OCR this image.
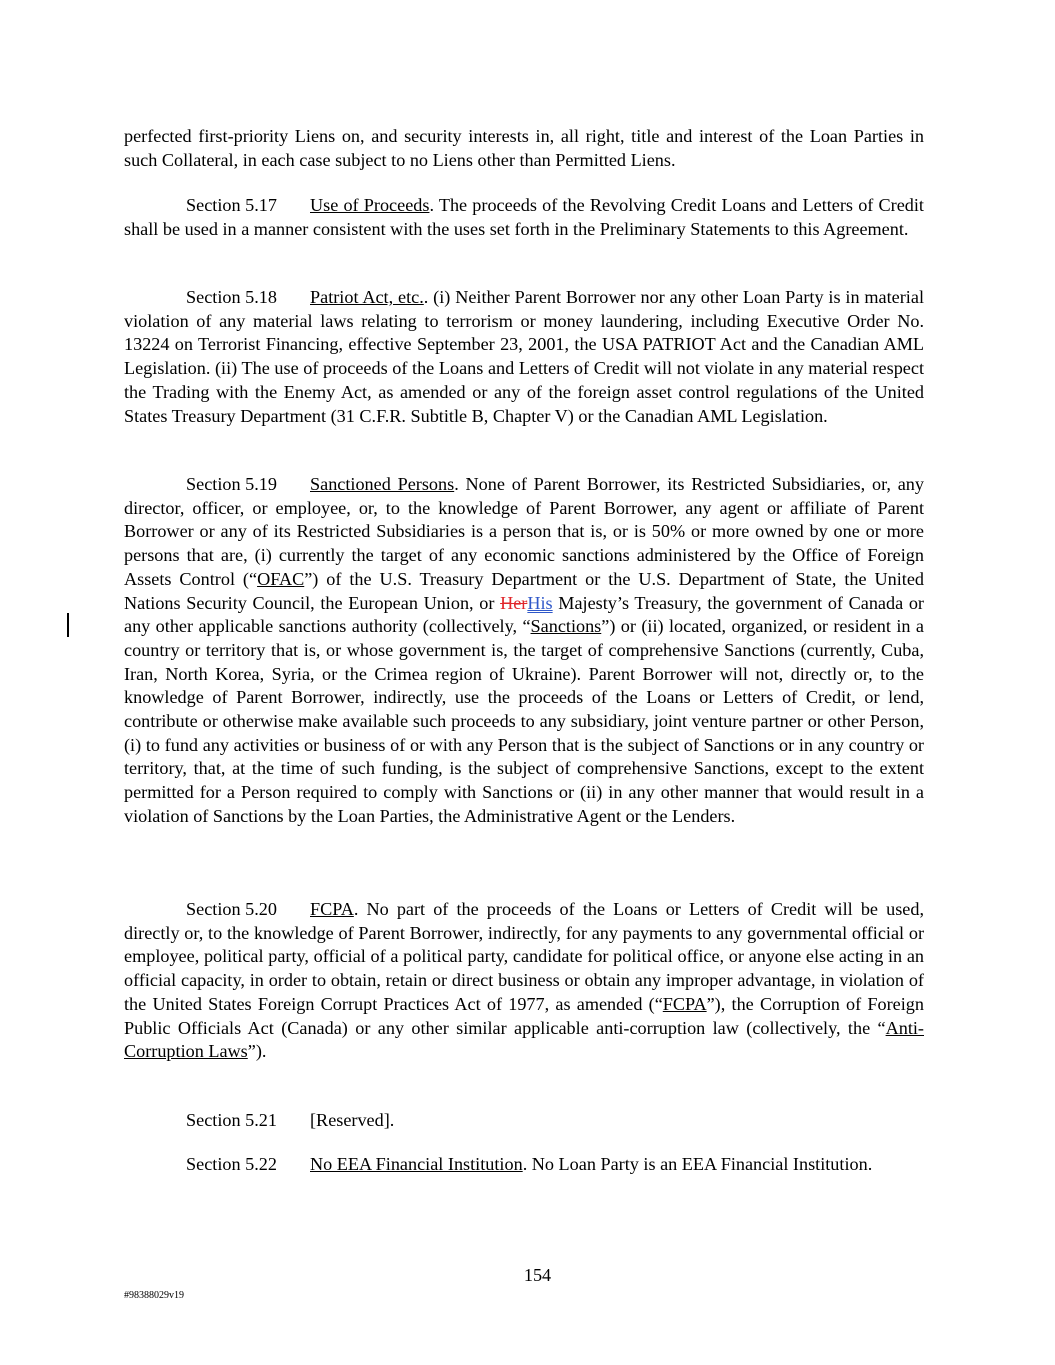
perfected first-priority Liens on, and security interests in, all right, title and interest of the Loan Parties in such Collateral, in each case subject to no Liens other than Permitted Liens.

Section 5.17 Use of Proceeds. The proceeds of the Revolving Credit Loans and Letters of Credit shall be used in a manner consistent with the uses set forth in the Preliminary Statements to this Agreement.

Section 5.18 Patriot Act, etc.. (i) Neither Parent Borrower nor any other Loan Party is in material violation of any material laws relating to terrorism or money laundering, including Executive Order No. 13224 on Terrorist Financing, effective September 23, 2001, the USA PATRIOT Act and the Canadian AML Legislation. (ii) The use of proceeds of the Loans and Letters of Credit will not violate in any material respect the Trading with the Enemy Act, as amended or any of the foreign asset control regulations of the United States Treasury Department (31 C.F.R. Subtitle B, Chapter V) or the Canadian AML Legislation.

Section 5.19 Sanctioned Persons. None of Parent Borrower, its Restricted Subsidiaries, or, any director, officer, or employee, or, to the knowledge of Parent Borrower, any agent or affiliate of Parent Borrower or any of its Restricted Subsidiaries is a person that is, or is 50% or more owned by one or more persons that are, (i) currently the target of any economic sanctions administered by the Office of Foreign Assets Control (“OFAC”) of the U.S. Treasury Department or the U.S. Department of State, the United Nations Security Council, the European Union, or HerHis Majesty’s Treasury, the government of Canada or any other applicable sanctions authority (collectively, “Sanctions”) or (ii) located, organized, or resident in a country or territory that is, or whose government is, the target of comprehensive Sanctions (currently, Cuba, Iran, North Korea, Syria, or the Crimea region of Ukraine). Parent Borrower will not, directly or, to the knowledge of Parent Borrower, indirectly, use the proceeds of the Loans or Letters of Credit, or lend, contribute or otherwise make available such proceeds to any subsidiary, joint venture partner or other Person, (i) to fund any activities or business of or with any Person that is the subject of Sanctions or in any country or territory, that, at the time of such funding, is the subject of comprehensive Sanctions, except to the extent permitted for a Person required to comply with Sanctions or (ii) in any other manner that would result in a violation of Sanctions by the Loan Parties, the Administrative Agent or the Lenders.

Section 5.20 FCPA. No part of the proceeds of the Loans or Letters of Credit will be used, directly or, to the knowledge of Parent Borrower, indirectly, for any payments to any governmental official or employee, political party, official of a political party, candidate for political office, or anyone else acting in an official capacity, in order to obtain, retain or direct business or obtain any improper advantage, in violation of the United States Foreign Corrupt Practices Act of 1977, as amended (“FCPA”), the Corruption of Foreign Public Officials Act (Canada) or any other similar applicable anti-corruption law (collectively, the “Anti-Corruption Laws”).

Section 5.21 [Reserved].

Section 5.22 No EEA Financial Institution. No Loan Party is an EEA Financial Institution.

154
#98388029v19
